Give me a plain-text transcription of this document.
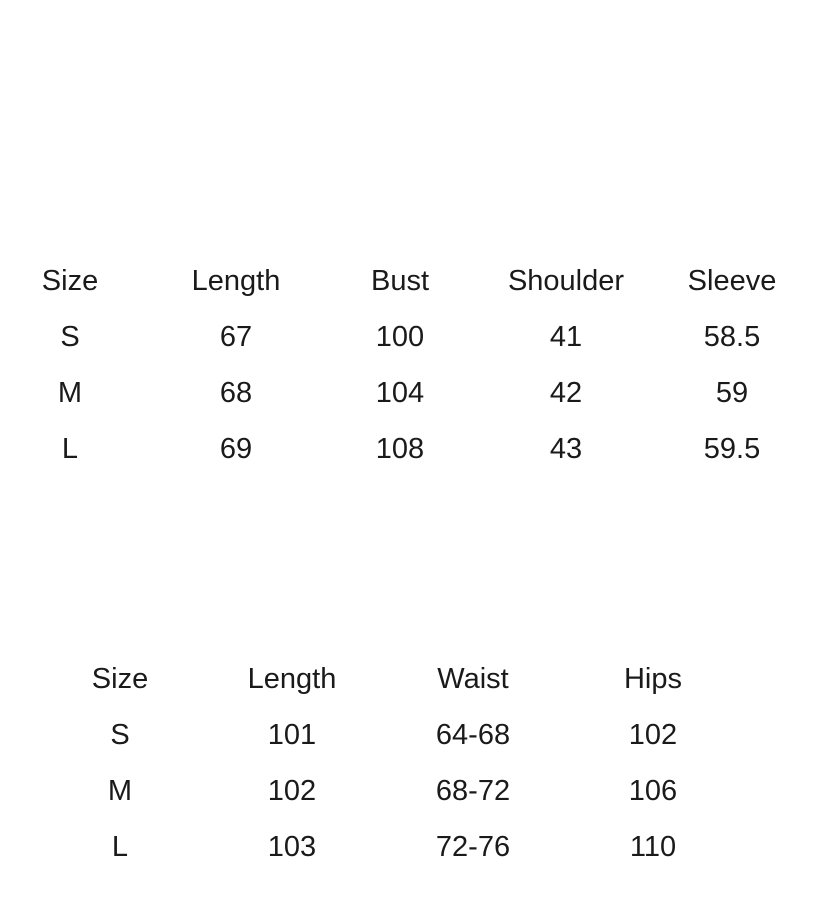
Size	Length	Bust	Shoulder	Sleeve
S	67	100	41	58.5
M	68	104	42	59
L	69	108	43	59.5
Size	Length	Waist	Hips
S	101	64-68	102
M	102	68-72	106
L	103	72-76	110
